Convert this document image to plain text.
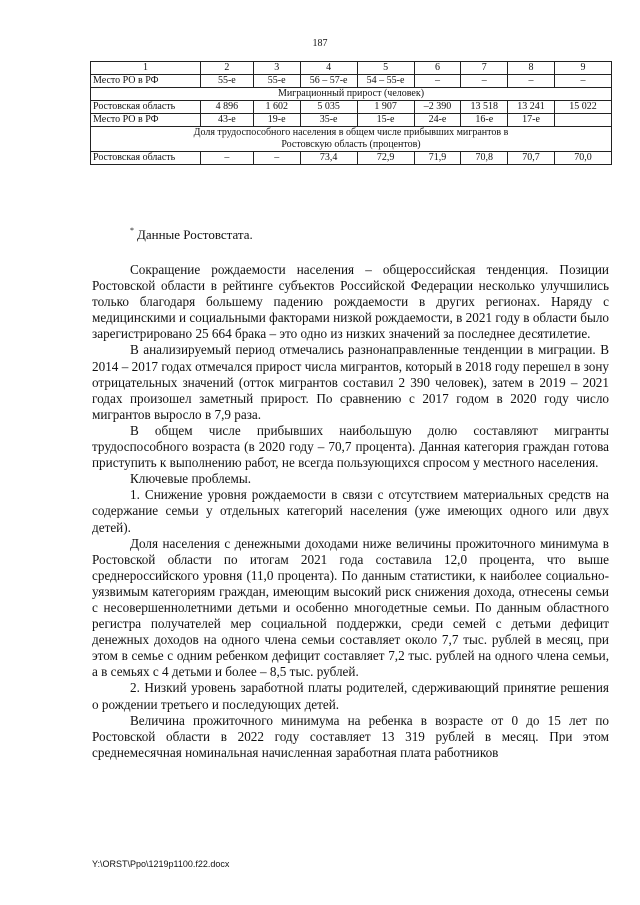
187
1	2	3	4	5	6	7	8	9
Место РО в РФ	55-е	55-е	56 – 57-е	54 – 55-е	–	–	–	–
Миграционный прирост (человек)								
Ростовская область	4 896	1 602	5 035	1 907	–2 390	13 518	13 241	15 022
Место РО в РФ	43-е	19-е	35-е	15-е	24-е	16-е	17-е	
Доля трудоспособного населения в общем числе прибывших мигрантов в Ростовскую область (процентов)								
Ростовская область	–	–	73,4	72,9	71,9	70,8	70,7	70,0
* Данные Ростовстата.

Сокращение рождаемости населения – общероссийская тенденция. Позиции Ростовской области в рейтинге субъектов Российской Федерации несколько улучшились только благодаря большему падению рождаемости в других регионах. Наряду с медицинскими и социальными факторами низкой рождаемости, в 2021 году в области было зарегистрировано 25 664 брака – это одно из низких значений за последнее десятилетие.

В анализируемый период отмечались разнонаправленные тенденции в миграции. В 2014 – 2017 годах отмечался прирост числа мигрантов, который в 2018 году перешел в зону отрицательных значений (отток мигрантов составил 2 390 человек), затем в 2019 – 2021 годах произошел заметный прирост. По сравнению с 2017 годом в 2020 году число мигрантов выросло в 7,9 раза.

В общем числе прибывших наибольшую долю составляют мигранты трудоспособного возраста (в 2020 году – 70,7 процента). Данная категория граждан готова приступить к выполнению работ, не всегда пользующихся спросом у местного населения.

Ключевые проблемы.

1. Снижение уровня рождаемости в связи с отсутствием материальных средств на содержание семьи у отдельных категорий населения (уже имеющих одного или двух детей).

Доля населения с денежными доходами ниже величины прожиточного минимума в Ростовской области по итогам 2021 года составила 12,0 процента, что выше среднероссийского уровня (11,0 процента). По данным статистики, к наиболее социально-уязвимым категориям граждан, имеющим высокий риск снижения дохода, отнесены семьи с несовершеннолетними детьми и особенно многодетные семьи. По данным областного регистра получателей мер социальной поддержки, среди семей с детьми дефицит денежных доходов на одного члена семьи составляет около 7,7 тыс. рублей в месяц, при этом в семье с одним ребенком дефицит составляет 7,2 тыс. рублей на одного члена семьи, а в семьях с 4 детьми и более – 8,5 тыс. рублей.

2. Низкий уровень заработной платы родителей, сдерживающий принятие решения о рождении третьего и последующих детей.

Величина прожиточного минимума на ребенка в возрасте от 0 до 15 лет по Ростовской области в 2022 году составляет 13 319 рублей в месяц. При этом среднемесячная номинальная начисленная заработная плата работников

Y:\ORST\Ppo\1219p1100.f22.docx
